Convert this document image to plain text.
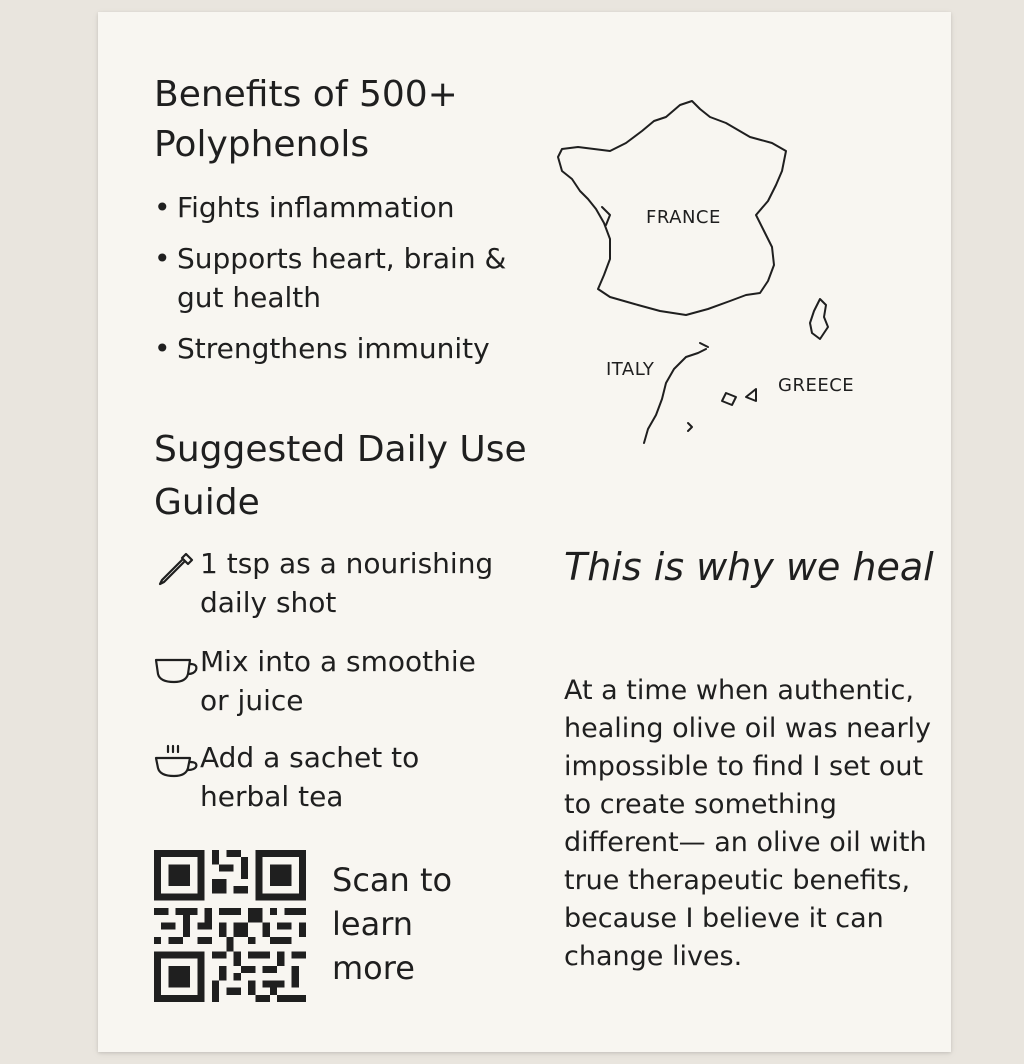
Benefits of 500+ Polyphenols
• Fights inflammation
• Supports heart, brain & gut health
• Strengthens immunity
FRANCE
ITALY
GREECE
Suggested Daily Use Guide
1 tsp as a nourishing daily shot
Mix into a smoothie or juice
Add a sachet to herbal tea
Scan to learn more
This is why we heal

At a time when authentic, healing olive oil was nearly impossible to find I set out to create something different— an olive oil with true therapeutic benefits, because I believe it can change lives.
